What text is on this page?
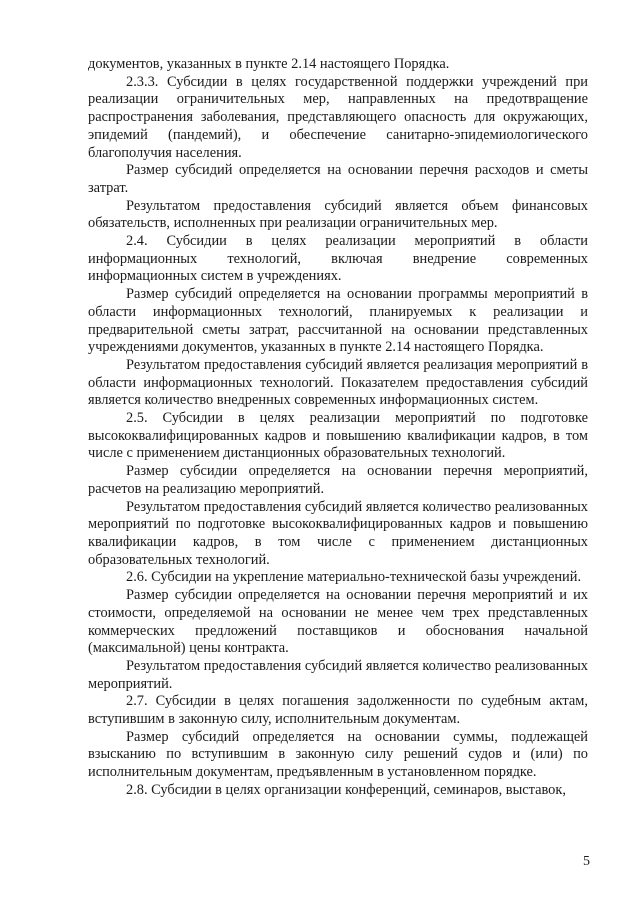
документов, указанных в пункте 2.14 настоящего Порядка.

2.3.3. Субсидии в целях государственной поддержки учреждений при реализации ограничительных мер, направленных на предотвращение распространения заболевания, представляющего опасность для окружающих, эпидемий (пандемий), и обеспечение санитарно-эпидемиологического благополучия населения.

Размер субсидий определяется на основании перечня расходов и сметы затрат.

Результатом предоставления субсидий является объем финансовых обязательств, исполненных при реализации ограничительных мер.

2.4. Субсидии в целях реализации мероприятий в области информационных технологий, включая внедрение современных информационных систем в учреждениях.

Размер субсидий определяется на основании программы мероприятий в области информационных технологий, планируемых к реализации и предварительной сметы затрат, рассчитанной на основании представленных учреждениями документов, указанных в пункте 2.14 настоящего Порядка.

Результатом предоставления субсидий является реализация мероприятий в области информационных технологий. Показателем предоставления субсидий является количество внедренных современных информационных систем.

2.5. Субсидии в целях реализации мероприятий по подготовке высококвалифицированных кадров и повышению квалификации кадров, в том числе с применением дистанционных образовательных технологий.

Размер субсидии определяется на основании перечня мероприятий, расчетов на реализацию мероприятий.

Результатом предоставления субсидий является количество реализованных мероприятий по подготовке высококвалифицированных кадров и повышению квалификации кадров, в том числе с применением дистанционных образовательных технологий.

2.6. Субсидии на укрепление материально-технической базы учреждений.

Размер субсидии определяется на основании перечня мероприятий и их стоимости, определяемой на основании не менее чем трех представленных коммерческих предложений поставщиков и обоснования начальной (максимальной) цены контракта.

Результатом предоставления субсидий является количество реализованных мероприятий.

2.7. Субсидии в целях погашения задолженности по судебным актам, вступившим в законную силу, исполнительным документам.

Размер субсидий определяется на основании суммы, подлежащей взысканию по вступившим в законную силу решений судов и (или) по исполнительным документам, предъявленным в установленном порядке.

2.8. Субсидии в целях организации конференций, семинаров, выставок,

5
